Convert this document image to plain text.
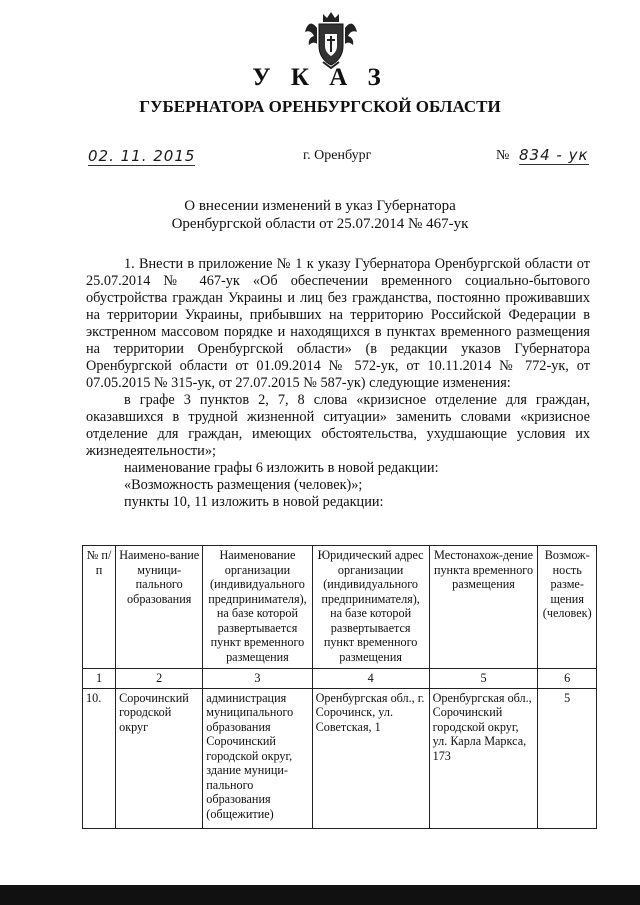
У К А З
ГУБЕРНАТОРА ОРЕНБУРГСКОЙ ОБЛАСТИ
02. 11. 2015	г. Оренбург	№ 834 - ук
О внесении изменений в указ Губернатора
Оренбургской области от 25.07.2014 № 467-ук

1. Внести в приложение № 1 к указу Губернатора Оренбургской области от 25.07.2014 № 467-ук «Об обеспечении временного социально-бытового обустройства граждан Украины и лиц без гражданства, постоянно проживавших на территории Украины, прибывших на территорию Российской Федерации в экстренном массовом порядке и находящихся в пунктах временного размещения на территории Оренбургской области» (в редакции указов Губернатора Оренбургской области от 01.09.2014 № 572-ук, от 10.11.2014 № 772-ук, от 07.05.2015 № 315-ук, от 27.07.2015 № 587-ук) следующие изменения:

в графе 3 пунктов 2, 7, 8 слова «кризисное отделение для граждан, оказавшихся в трудной жизненной ситуации» заменить словами «кризисное отделение для граждан, имеющих обстоятельства, ухудшающие условия их жизнедеятельности»;

наименование графы 6 изложить в новой редакции:

«Возможность размещения (человек)»;

пункты 10, 11 изложить в новой редакции:

№ п/п	Наимено-вание муници-пального образования	Наименование организации (индивидуального предпринимателя), на базе которой развертывается пункт временного размещения	Юридический адрес организации (индивидуального предпринимателя), на базе которой развертывается пункт временного размещения	Местонахож-дение пункта временного размещения	Возмож-ность разме-щения (человек)
1	2	3	4	5	6
10.	Сорочинский городской округ	администрация муниципального образования Сорочинский городской округ, здание муници-пального образования (общежитие)	Оренбургская обл., г. Сорочинск, ул. Советская, 1	Оренбургская обл., Сорочинский городской округ, ул. Карла Маркса, 173	5
